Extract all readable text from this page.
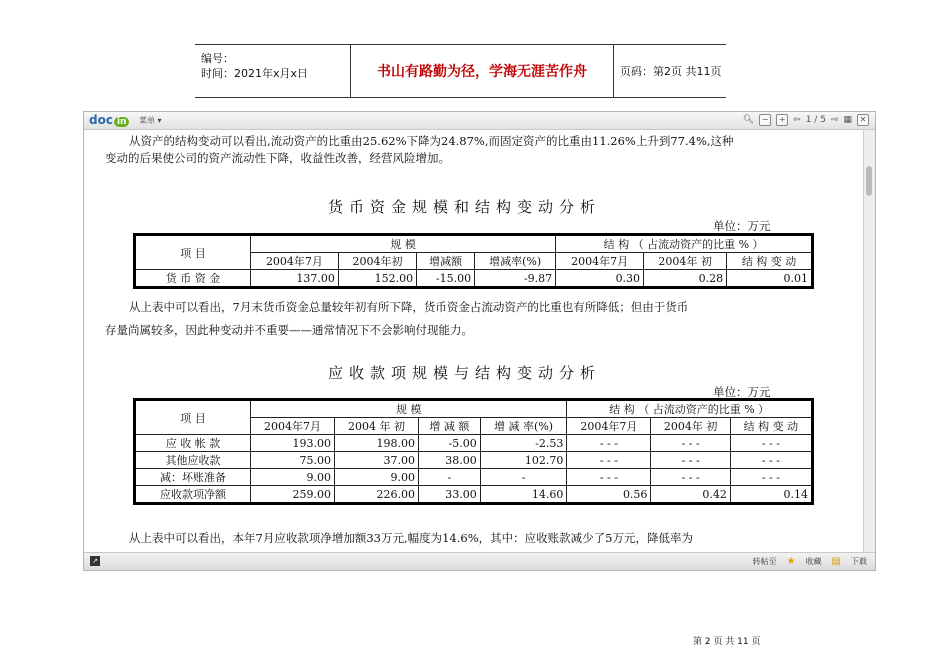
编号：
时间：2021年x月x日	书山有路勤为径，学海无涯苦作舟	页码：第2页 共11页
doc in	菜单 ▾	🔍︎ −	+ ⇦ 1 / 5 ⇨ ▦ ✕
从资产的结构变动可以看出,流动资产的比重由25.62%下降为24.87%,而固定资产的比重由11.26%上升到77.4%,这种
变动的后果使公司的资产流动性下降，收益性改善，经营风险增加。
货币资金规模和结构变动分析
单位：万元
项 目	规 模				结 构 （ 占流动资产的比重 % ）		
	2004年7月	2004年初	增减额	增减率(%)	2004年7月	2004年 初	结 构 变 动
货 币 资 金	137.00	152.00	-15.00	-9.87	0.30	0.28	0.01
从上表中可以看出，7月末货币资金总量较年初有所下降，货币资金占流动资产的比重也有所降低；但由于货币
存量尚属较多，因此种变动并不重要——通常情况下不会影响付现能力。
应收款项规模与结构变动分析
单位：万元
项 目	规 模				结 构 （ 占流动资产的比重 % ）		
	2004年7月	2004 年 初	增 减 额	增 减 率(%)	2004年7月	2004年 初	结 构 变 动
应 收 帐 款	193.00	198.00	-5.00	-2.53	- - -	- - -	- - -
其他应收款	75.00	37.00	38.00	102.70	- - -	- - -	- - -
减：坏账准备	9.00	9.00	-	-	- - -	- - -	- - -
应收款项净额	259.00	226.00	33.00	14.60	0.56	0.42	0.14
从上表中可以看出，本年7月应收款项净增加额33万元,幅度为14.6%，其中：应收账款减少了5万元，降低率为
↗	转帖至 ★ 收藏 ▤ 下载
第 2 页 共 11 页
